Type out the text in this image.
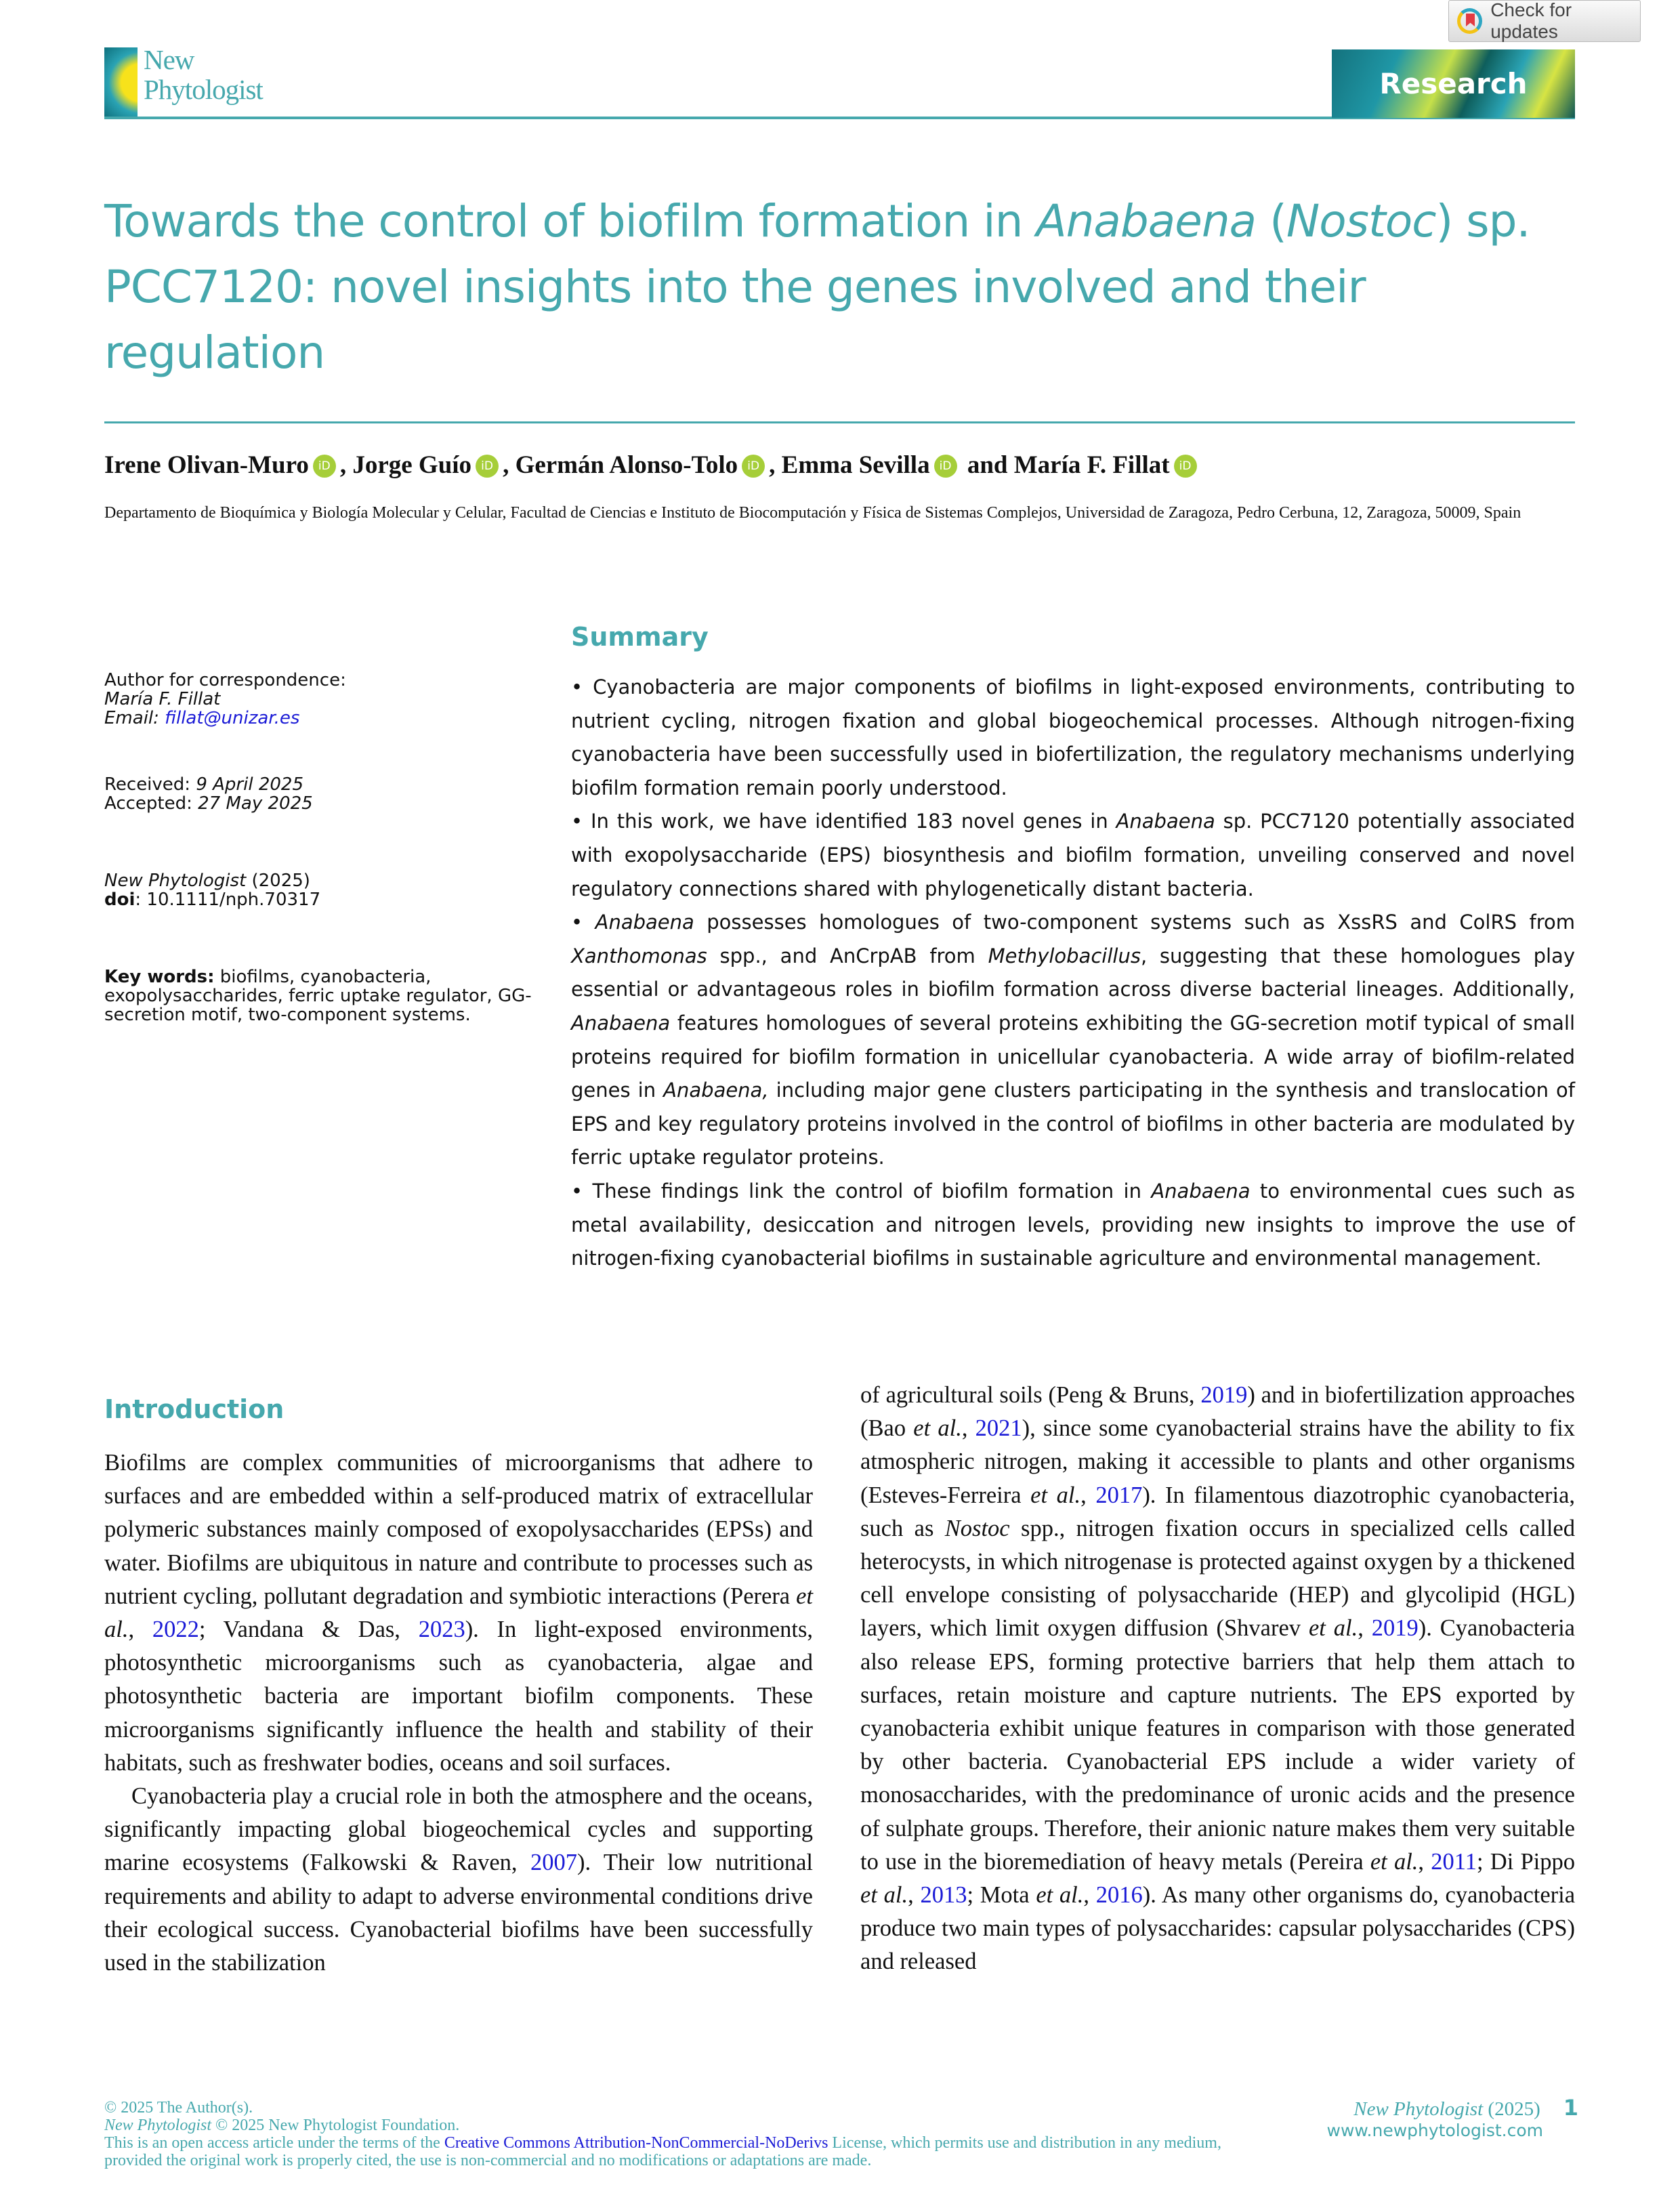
New
Phytologist	Research
Check for updates
Towards the control of biofilm formation in Anabaena (Nostoc) sp. PCC7120: novel insights into the genes involved and their regulation
Irene Olivan-Muro iD , Jorge Guío iD , Germán Alonso-Tolo iD , Emma Sevilla iD and María F. Fillat iD
Departamento de Bioquímica y Biología Molecular y Celular, Facultad de Ciencias e Instituto de Biocomputación y Física de Sistemas Complejos, Universidad de Zaragoza, Pedro Cerbuna, 12, Zaragoza, 50009, Spain

Author for correspondence:

María F. Fillat

Email: fillat@unizar.es

Received: 9 April 2025

Accepted: 27 May 2025

New Phytologist (2025)

doi: 10.1111/nph.70317

Key words: biofilms, cyanobacteria, exopolysaccharides, ferric uptake regulator, GG-secretion motif, two-component systems.

Summary

• Cyanobacteria are major components of biofilms in light-exposed environments, contributing to nutrient cycling, nitrogen fixation and global biogeochemical processes. Although nitrogen-fixing cyanobacteria have been successfully used in biofertilization, the regulatory mechanisms underlying biofilm formation remain poorly understood.

• In this work, we have identified 183 novel genes in Anabaena sp. PCC7120 potentially associated with exopolysaccharide (EPS) biosynthesis and biofilm formation, unveiling conserved and novel regulatory connections shared with phylogenetically distant bacteria.

• Anabaena possesses homologues of two-component systems such as XssRS and ColRS from Xanthomonas spp., and AnCrpAB from Methylobacillus, suggesting that these homologues play essential or advantageous roles in biofilm formation across diverse bacterial lineages. Additionally, Anabaena features homologues of several proteins exhibiting the GG-secretion motif typical of small proteins required for biofilm formation in unicellular cyanobacteria. A wide array of biofilm-related genes in Anabaena, including major gene clusters participating in the synthesis and translocation of EPS and key regulatory proteins involved in the control of biofilms in other bacteria are modulated by ferric uptake regulator proteins.

• These findings link the control of biofilm formation in Anabaena to environmental cues such as metal availability, desiccation and nitrogen levels, providing new insights to improve the use of nitrogen-fixing cyanobacterial biofilms in sustainable agriculture and environmental management.

Introduction

Biofilms are complex communities of microorganisms that adhere to surfaces and are embedded within a self-produced matrix of extracellular polymeric substances mainly composed of exopolysaccharides (EPSs) and water. Biofilms are ubiquitous in nature and contribute to processes such as nutrient cycling, pollutant degradation and symbiotic interactions (Perera et al., 2022; Vandana & Das, 2023). In light-exposed environments, photosynthetic microorganisms such as cyanobacteria, algae and photosynthetic bacteria are important biofilm components. These microorganisms significantly influence the health and stability of their habitats, such as freshwater bodies, oceans and soil surfaces.

Cyanobacteria play a crucial role in both the atmosphere and the oceans, significantly impacting global biogeochemical cycles and supporting marine ecosystems (Falkowski & Raven, 2007). Their low nutritional requirements and ability to adapt to adverse environmental conditions drive their ecological success. Cyanobacterial biofilms have been successfully used in the stabilization

of agricultural soils (Peng & Bruns, 2019) and in biofertilization approaches (Bao et al., 2021), since some cyanobacterial strains have the ability to fix atmospheric nitrogen, making it accessible to plants and other organisms (Esteves-Ferreira et al., 2017). In filamentous diazotrophic cyanobacteria, such as Nostoc spp., nitrogen fixation occurs in specialized cells called heterocysts, in which nitrogenase is protected against oxygen by a thickened cell envelope consisting of polysaccharide (HEP) and glycolipid (HGL) layers, which limit oxygen diffusion (Shvarev et al., 2019). Cyanobacteria also release EPS, forming protective barriers that help them attach to surfaces, retain moisture and capture nutrients. The EPS exported by cyanobacteria exhibit unique features in comparison with those generated by other bacteria. Cyanobacterial EPS include a wider variety of monosaccharides, with the predominance of uronic acids and the presence of sulphate groups. Therefore, their anionic nature makes them very suitable to use in the bioremediation of heavy metals (Pereira et al., 2011; Di Pippo et al., 2013; Mota et al., 2016). As many other organisms do, cyanobacteria produce two main types of polysaccharides: capsular polysaccharides (CPS) and released

© 2025 The Author(s).

New Phytologist © 2025 New Phytologist Foundation.

This is an open access article under the terms of the Creative Commons Attribution-NonCommercial-NoDerivs License, which permits use and distribution in any medium, provided the original work is properly cited, the use is non-commercial and no modifications or adaptations are made.

New Phytologist (2025) 1
www.newphytologist.com
